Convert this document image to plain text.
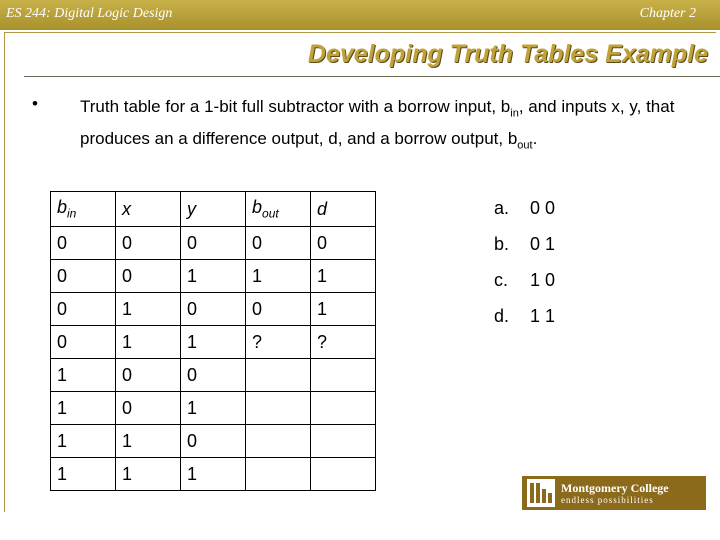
ES 244: Digital Logic Design	Chapter 2
Developing Truth Tables Example
• Truth table for a 1-bit full subtractor with a borrow input, $b_{in}$, and inputs x, y, that produces an a difference output, d, and a borrow output, $b_{out}$.
$b_{in}$	x	y	$b_{out}$	d
0	0	0	0	0
0	0	1	1	1
0	1	0	0	1
0	1	1	?	?
1	0	0		
1	0	1		
1	1	0		
1	1	1		
a. 0 0
b. 0 1
c. 1 0
d. 1 1
Montgomery College
endless possibilities
